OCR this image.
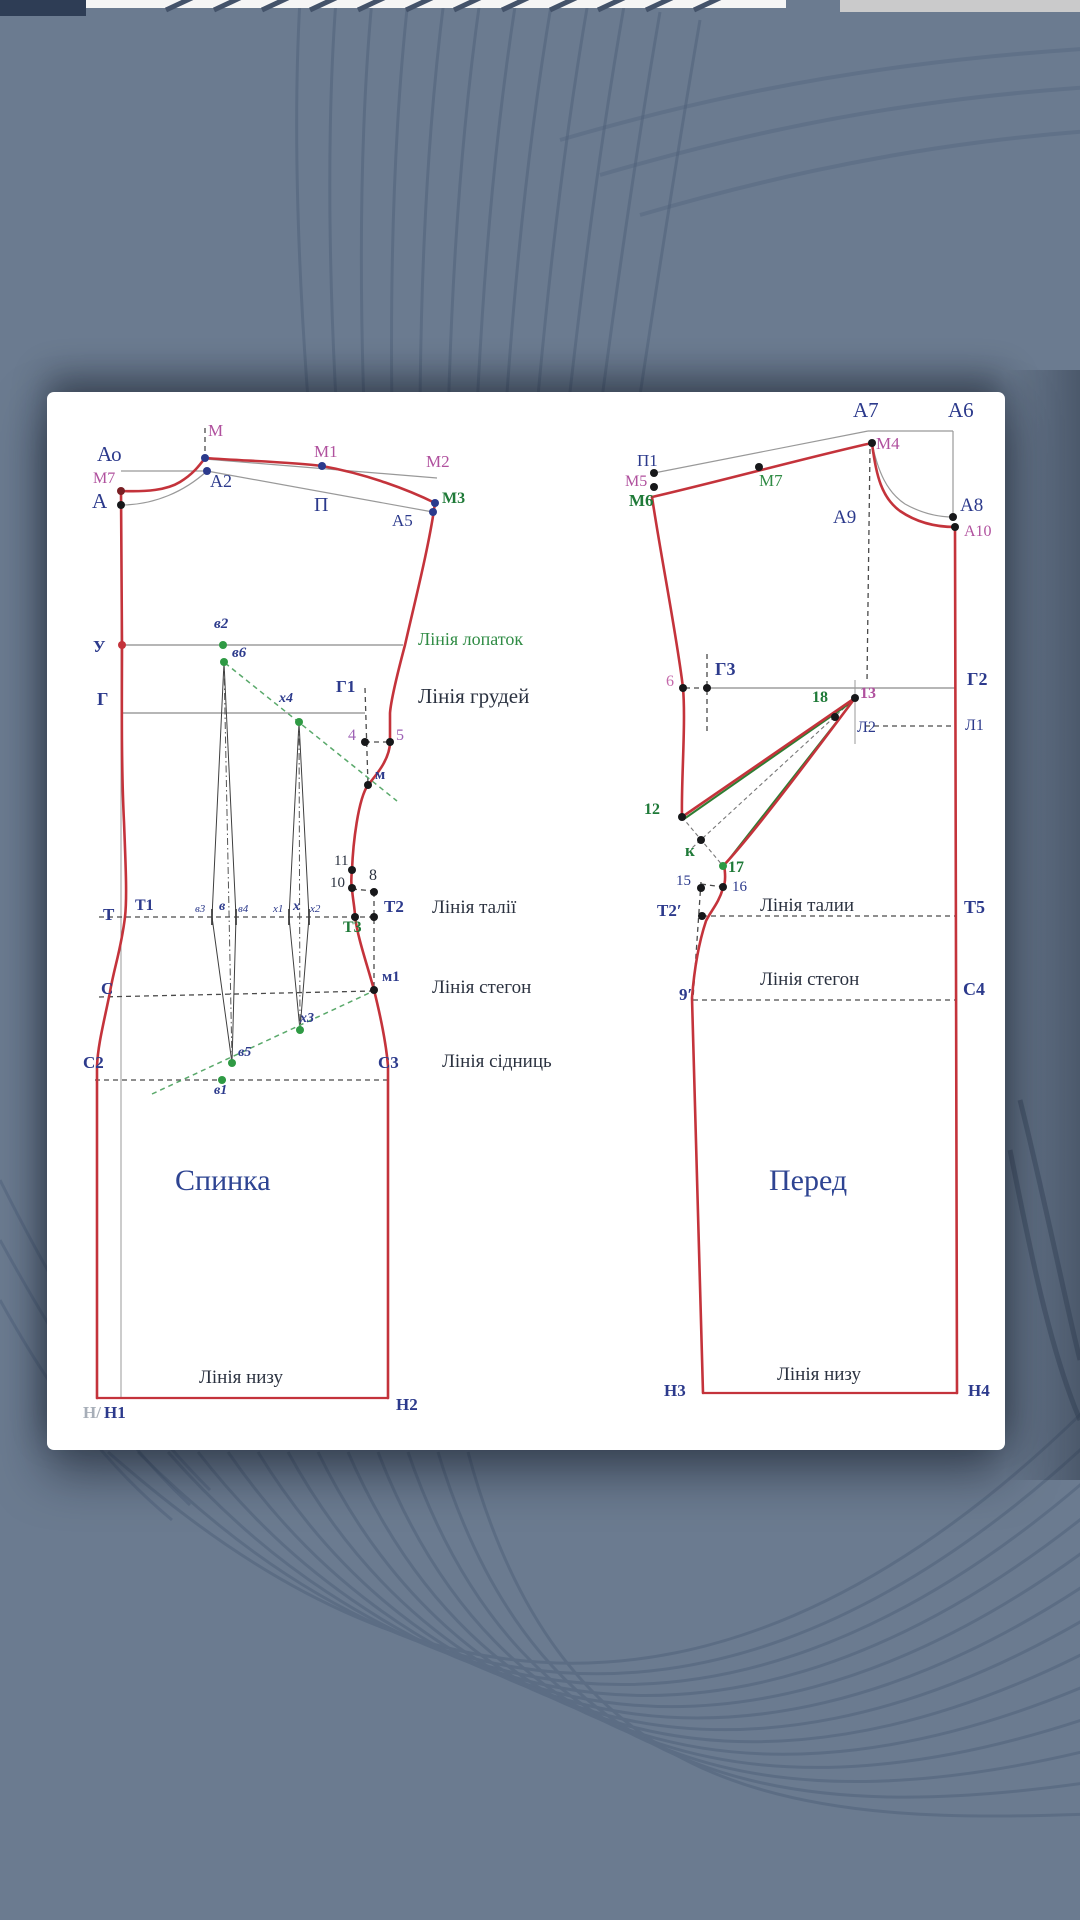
Ао
М7
А
М
А2
М1
М2
П
А5
М3
У	Лінія лопаток
Г
Г1	Лінія грудей
в2
в6
х4
4	5
м
11
10 8
Т Т1	в3 в в4 х1 х х2	Т2 Лінія талії
Т3
м1
С	Лінія стегон
С2
в5
х3
в1
С3 Лінія сідниць
Спинка
Лінія низу
Н/ Н1	Н2
П1
М5
М6
М7
А7	А6
М4
А9
А8
А10
6
Г3	Г2
18 13
Л2	Л1
12
к
17
15	16
Т2′	Лінія талии	Т5
Лінія стегон
9′	С4
Перед
Лінія низу
Н3	Н4
